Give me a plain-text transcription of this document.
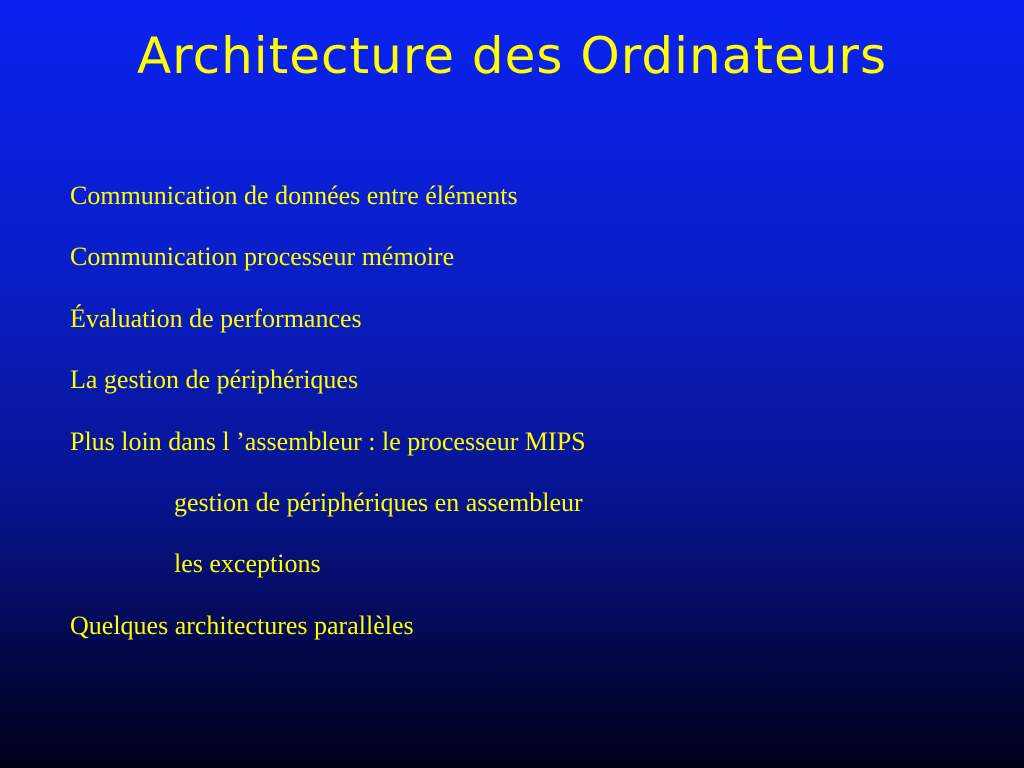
Architecture des Ordinateurs
Communication de données entre éléments
Communication processeur mémoire
Évaluation de performances
La gestion de périphériques
Plus loin dans l ’assembleur : le processeur MIPS
gestion de périphériques en assembleur
les exceptions
Quelques architectures parallèles
